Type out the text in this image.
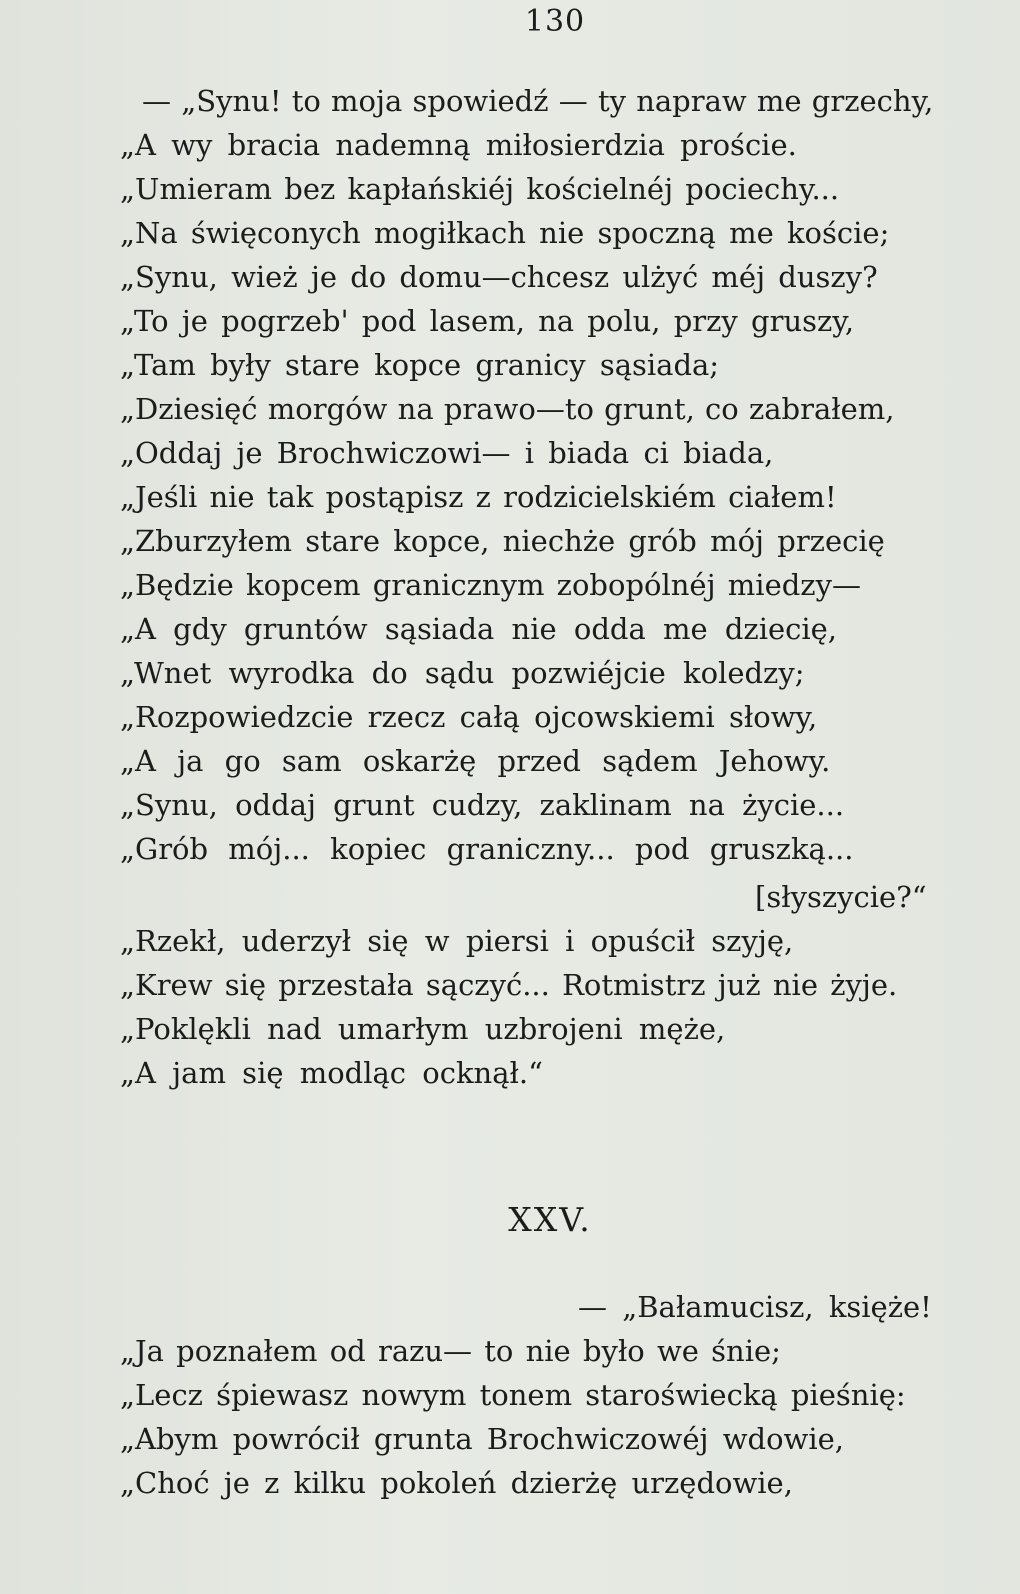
130
— „Synu! to moja spowiedź — ty napraw me grzechy,
„A wy bracia nademną miłosierdzia proście.
„Umieram bez kapłańskiéj kościelnéj pociechy...
„Na święconych mogiłkach nie spoczną me koście;
„Synu, wież je do domu—chcesz ulżyć méj duszy?
„To je pogrzeb' pod lasem, na polu, przy gruszy,
„Tam były stare kopce granicy sąsiada;
„Dziesięć morgów na prawo—to grunt, co zabrałem,
„Oddaj je Brochwiczowi— i biada ci biada,
„Jeśli nie tak postąpisz z rodzicielskiém ciałem!
„Zburzyłem stare kopce, niechże grób mój przecię
„Będzie kopcem granicznym zobopólnéj miedzy—
„A gdy gruntów sąsiada nie odda me dziecię,
„Wnet wyrodka do sądu pozwiéjcie koledzy;
„Rozpowiedzcie rzecz całą ojcowskiemi słowy,
„A ja go sam oskarżę przed sądem Jehowy.
„Synu, oddaj grunt cudzy, zaklinam na życie...
„Grób mój... kopiec graniczny... pod gruszką...
[słyszycie?“
„Rzekł, uderzył się w piersi i opuścił szyję,
„Krew się przestała sączyć... Rotmistrz już nie żyje.
„Poklękli nad umarłym uzbrojeni męże,
„A jam się modląc ocknął.“
XXV.
— „Bałamucisz, księże!
„Ja poznałem od razu— to nie było we śnie;
„Lecz śpiewasz nowym tonem staroświecką pieśnię:
„Abym powrócił grunta Brochwiczowéj wdowie,
„Choć je z kilku pokoleń dzierżę urzędowie,
